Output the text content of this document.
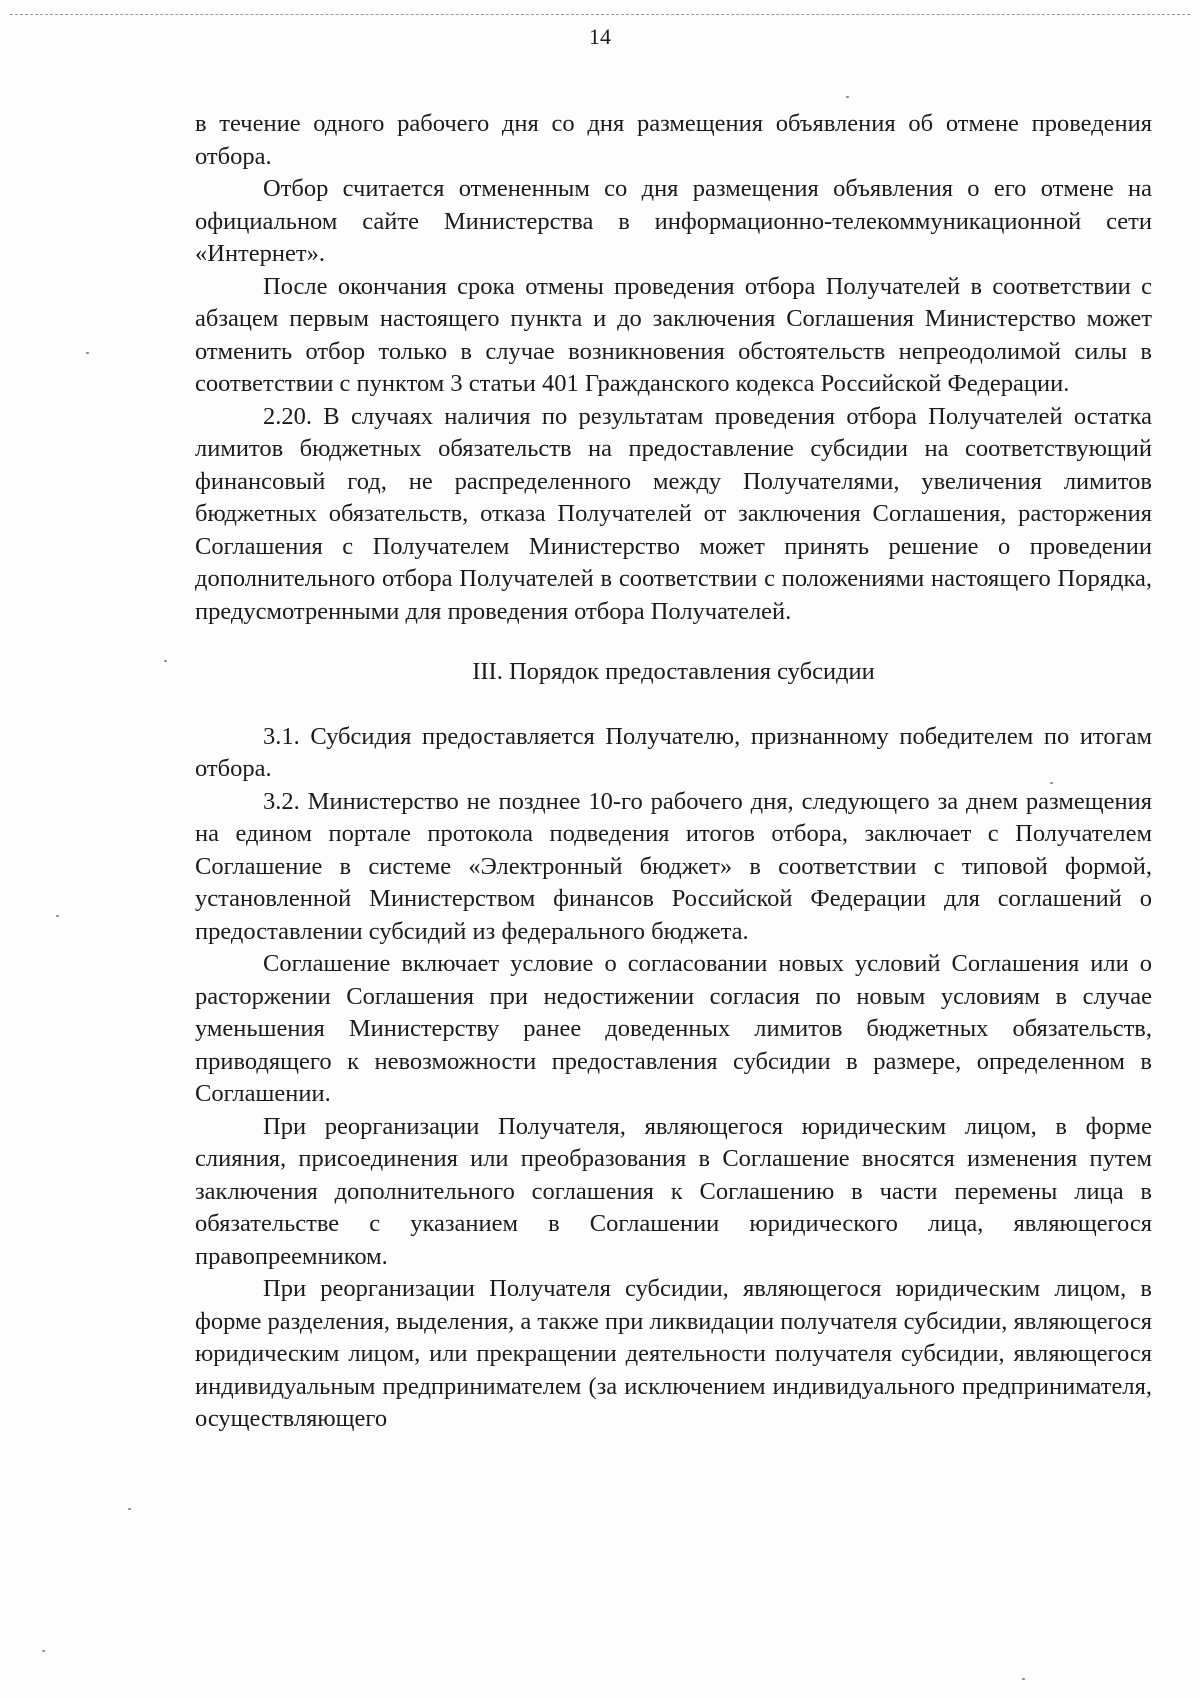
14

в течение одного рабочего дня со дня размещения объявления об отмене проведения отбора.

Отбор считается отмененным со дня размещения объявления о его отмене на официальном сайте Министерства в информационно-телекоммуникационной сети «Интернет».

После окончания срока отмены проведения отбора Получателей в соответствии с абзацем первым настоящего пункта и до заключения Соглашения Министерство может отменить отбор только в случае возникновения обстоятельств непреодолимой силы в соответствии с пунктом 3 статьи 401 Гражданского кодекса Российской Федерации.

2.20. В случаях наличия по результатам проведения отбора Получателей остатка лимитов бюджетных обязательств на предоставление субсидии на соответствующий финансовый год, не распределенного между Получателями, увеличения лимитов бюджетных обязательств, отказа Получателей от заключения Соглашения, расторжения Соглашения с Получателем Министерство может принять решение о проведении дополнительного отбора Получателей в соответствии с положениями настоящего Порядка, предусмотренными для проведения отбора Получателей.

III. Порядок предоставления субсидии

3.1. Субсидия предоставляется Получателю, признанному победителем по итогам отбора.

3.2. Министерство не позднее 10-го рабочего дня, следующего за днем размещения на едином портале протокола подведения итогов отбора, заключает с Получателем Соглашение в системе «Электронный бюджет» в соответствии с типовой формой, установленной Министерством финансов Российской Федерации для соглашений о предоставлении субсидий из федерального бюджета.

Соглашение включает условие о согласовании новых условий Соглашения или о расторжении Соглашения при недостижении согласия по новым условиям в случае уменьшения Министерству ранее доведенных лимитов бюджетных обязательств, приводящего к невозможности предоставления субсидии в размере, определенном в Соглашении.

При реорганизации Получателя, являющегося юридическим лицом, в форме слияния, присоединения или преобразования в Соглашение вносятся изменения путем заключения дополнительного соглашения к Соглашению в части перемены лица в обязательстве с указанием в Соглашении юридического лица, являющегося правопреемником.

При реорганизации Получателя субсидии, являющегося юридическим лицом, в форме разделения, выделения, а также при ликвидации получателя субсидии, являющегося юридическим лицом, или прекращении деятельности получателя субсидии, являющегося индивидуальным предпринимателем (за исключением индивидуального предпринимателя, осуществляющего
